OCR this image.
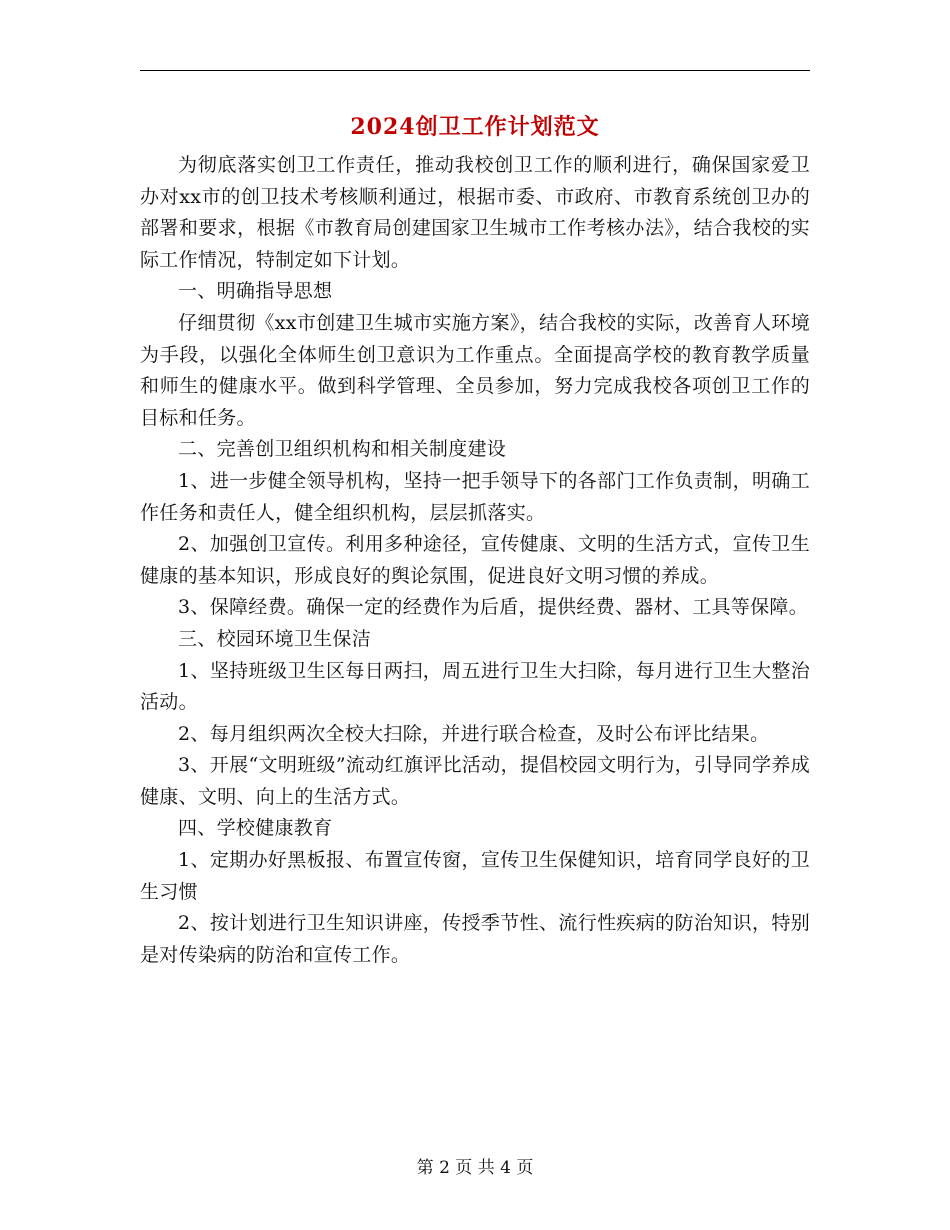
2024创卫工作计划范文

为彻底落实创卫工作责任，推动我校创卫工作的顺利进行，确保国家爱卫办对xx市的创卫技术考核顺利通过，根据市委、市政府、市教育系统创卫办的部署和要求，根据《市教育局创建国家卫生城市工作考核办法》，结合我校的实际工作情况，特制定如下计划。

一、明确指导思想

仔细贯彻《xx市创建卫生城市实施方案》，结合我校的实际，改善育人环境为手段，以强化全体师生创卫意识为工作重点。全面提高学校的教育教学质量和师生的健康水平。做到科学管理、全员参加，努力完成我校各项创卫工作的目标和任务。

二、完善创卫组织机构和相关制度建设

1、进一步健全领导机构，坚持一把手领导下的各部门工作负责制，明确工作任务和责任人，健全组织机构，层层抓落实。

2、加强创卫宣传。利用多种途径，宣传健康、文明的生活方式，宣传卫生健康的基本知识，形成良好的舆论氛围，促进良好文明习惯的养成。

3、保障经费。确保一定的经费作为后盾，提供经费、器材、工具等保障。

三、校园环境卫生保洁

1、坚持班级卫生区每日两扫，周五进行卫生大扫除，每月进行卫生大整治活动。

2、每月组织两次全校大扫除，并进行联合检查，及时公布评比结果。

3、开展“文明班级”流动红旗评比活动，提倡校园文明行为，引导同学养成健康、文明、向上的生活方式。

四、学校健康教育

1、定期办好黑板报、布置宣传窗，宣传卫生保健知识，培育同学良好的卫生习惯

2、按计划进行卫生知识讲座，传授季节性、流行性疾病的防治知识，特别是对传染病的防治和宣传工作。

第 2 页 共 4 页
